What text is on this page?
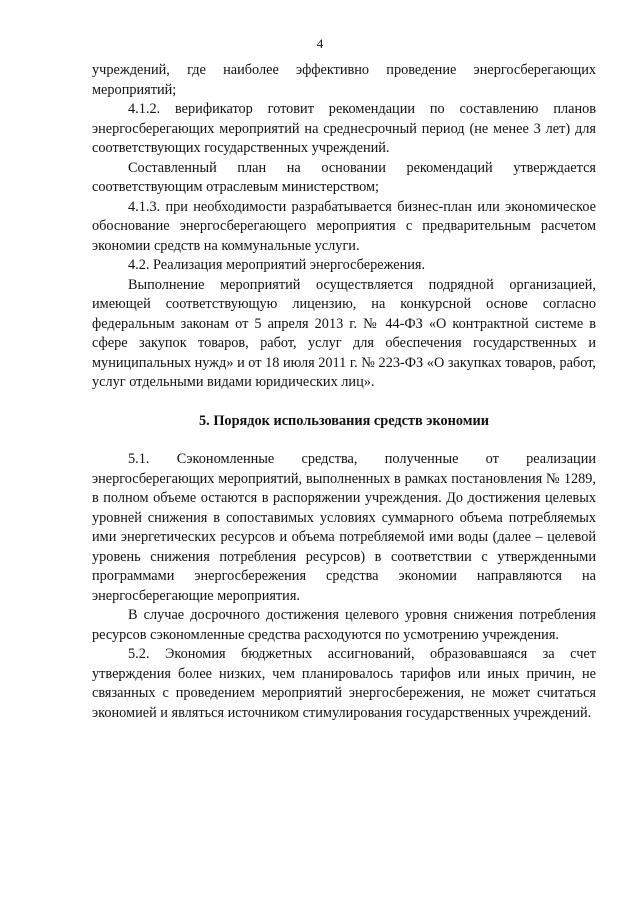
4

учреждений, где наиболее эффективно проведение энергосберегающих мероприятий;

4.1.2. верификатор готовит рекомендации по составлению планов энергосберегающих мероприятий на среднесрочный период (не менее 3 лет) для соответствующих государственных учреждений.

Составленный план на основании рекомендаций утверждается соответствующим отраслевым министерством;

4.1.3. при необходимости разрабатывается бизнес-план или экономическое обоснование энергосберегающего мероприятия с предварительным расчетом экономии средств на коммунальные услуги.

4.2. Реализация мероприятий энергосбережения.

Выполнение мероприятий осуществляется подрядной организацией, имеющей соответствующую лицензию, на конкурсной основе согласно федеральным законам от 5 апреля 2013 г. № 44-ФЗ «О контрактной системе в сфере закупок товаров, работ, услуг для обеспечения государственных и муниципальных нужд» и от 18 июля 2011 г. № 223-ФЗ «О закупках товаров, работ, услуг отдельными видами юридических лиц».

5. Порядок использования средств экономии

5.1. Сэкономленные средства, полученные от реализации энергосберегающих мероприятий, выполненных в рамках постановления № 1289, в полном объеме остаются в распоряжении учреждения. До достижения целевых уровней снижения в сопоставимых условиях суммарного объема потребляемых ими энергетических ресурсов и объема потребляемой ими воды (далее – целевой уровень снижения потребления ресурсов) в соответствии с утвержденными программами энергосбережения средства экономии направляются на энергосберегающие мероприятия.

В случае досрочного достижения целевого уровня снижения потребления ресурсов сэкономленные средства расходуются по усмотрению учреждения.

5.2. Экономия бюджетных ассигнований, образовавшаяся за счет утверждения более низких, чем планировалось тарифов или иных причин, не связанных с проведением мероприятий энергосбережения, не может считаться экономией и являться источником стимулирования государственных учреждений.
